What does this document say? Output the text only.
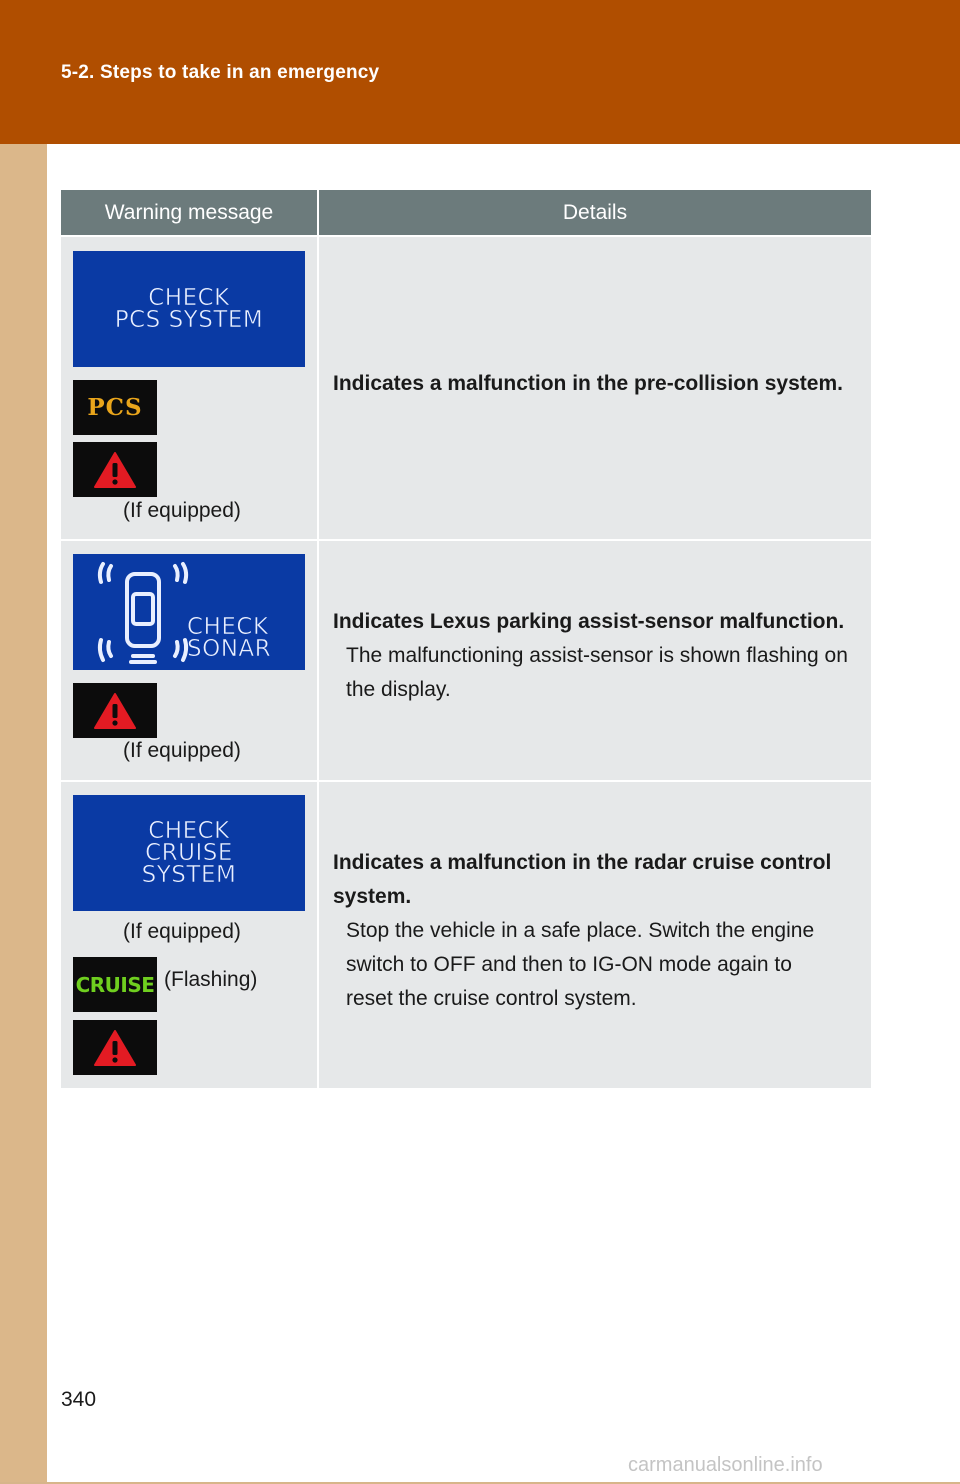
5-2. Steps to take in an emergency
Warning message	Details
CHECK
PCS SYSTEM
PCS
(If equipped)
Indicates a malfunction in the pre-collision system.
CHECK
SONAR
(If equipped)
Indicates Lexus parking assist-sensor malfunction.
The malfunctioning assist-sensor is shown flashing on
the display.
CHECK
CRUISE
SYSTEM
(If equipped)
CRUISE (Flashing)
Indicates a malfunction in the radar cruise control
system.
Stop the vehicle in a safe place. Switch the engine
switch to OFF and then to IG-ON mode again to
reset the cruise control system.
340
carmanualsonline.info
